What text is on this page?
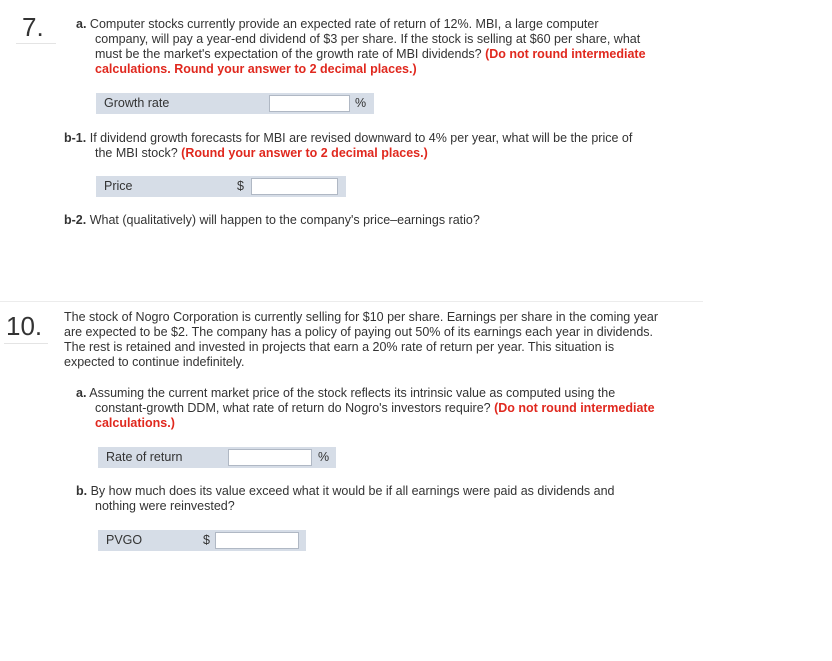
7.	a. Computer stocks currently provide an expected rate of return of 12%. MBI, a large computer
company, will pay a year-end dividend of $3 per share. If the stock is selling at $60 per share, what
must be the market's expectation of the growth rate of MBI dividends? (Do not round intermediate
calculations. Round your answer to 2 decimal places.)
Growth rate	%
b-1. If dividend growth forecasts for MBI are revised downward to 4% per year, what will be the price of
the MBI stock? (Round your answer to 2 decimal places.)
Price	$
b-2. What (qualitatively) will happen to the company's price–earnings ratio?
10. The stock of Nogro Corporation is currently selling for $10 per share. Earnings per share in the coming year
are expected to be $2. The company has a policy of paying out 50% of its earnings each year in dividends.
The rest is retained and invested in projects that earn a 20% rate of return per year. This situation is
expected to continue indefinitely.
a. Assuming the current market price of the stock reflects its intrinsic value as computed using the
constant-growth DDM, what rate of return do Nogro's investors require? (Do not round intermediate
calculations.)
Rate of return	%
b. By how much does its value exceed what it would be if all earnings were paid as dividends and
nothing were reinvested?
PVGO	$
